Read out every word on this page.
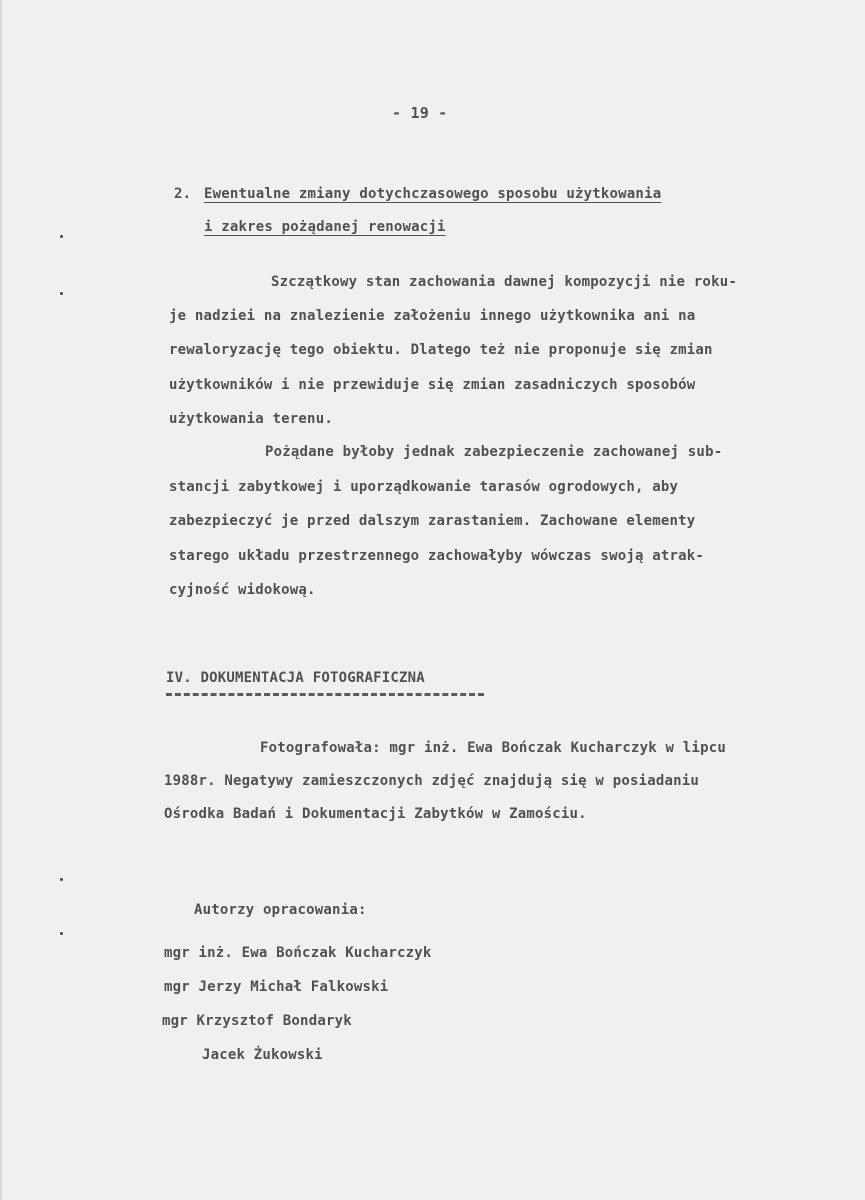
- 19 -
2. Ewentualne zmiany dotychczasowego sposobu użytkowania
i zakres pożądanej renowacji
Szczątkowy stan zachowania dawnej kompozycji nie roku-
je nadziei na znalezienie założeniu innego użytkownika ani na
rewaloryzację tego obiektu. Dlatego też nie proponuje się zmian
użytkowników i nie przewiduje się zmian zasadniczych sposobów
użytkowania terenu.
Pożądane byłoby jednak zabezpieczenie zachowanej sub-
stancji zabytkowej i uporządkowanie tarasów ogrodowych, aby
zabezpieczyć je przed dalszym zarastaniem. Zachowane elementy
starego układu przestrzennego zachowałyby wówczas swoją atrak-
cyjność widokową.
IV. DOKUMENTACJA FOTOGRAFICZNA
Fotografowała: mgr inż. Ewa Bończak Kucharczyk w lipcu
1988r. Negatywy zamieszczonych zdjęć znajdują się w posiadaniu
Ośrodka Badań i Dokumentacji Zabytków w Zamościu.
Autorzy opracowania:
mgr inż. Ewa Bończak Kucharczyk
mgr Jerzy Michał Falkowski
mgr Krzysztof Bondaryk
Jacek Żukowski
